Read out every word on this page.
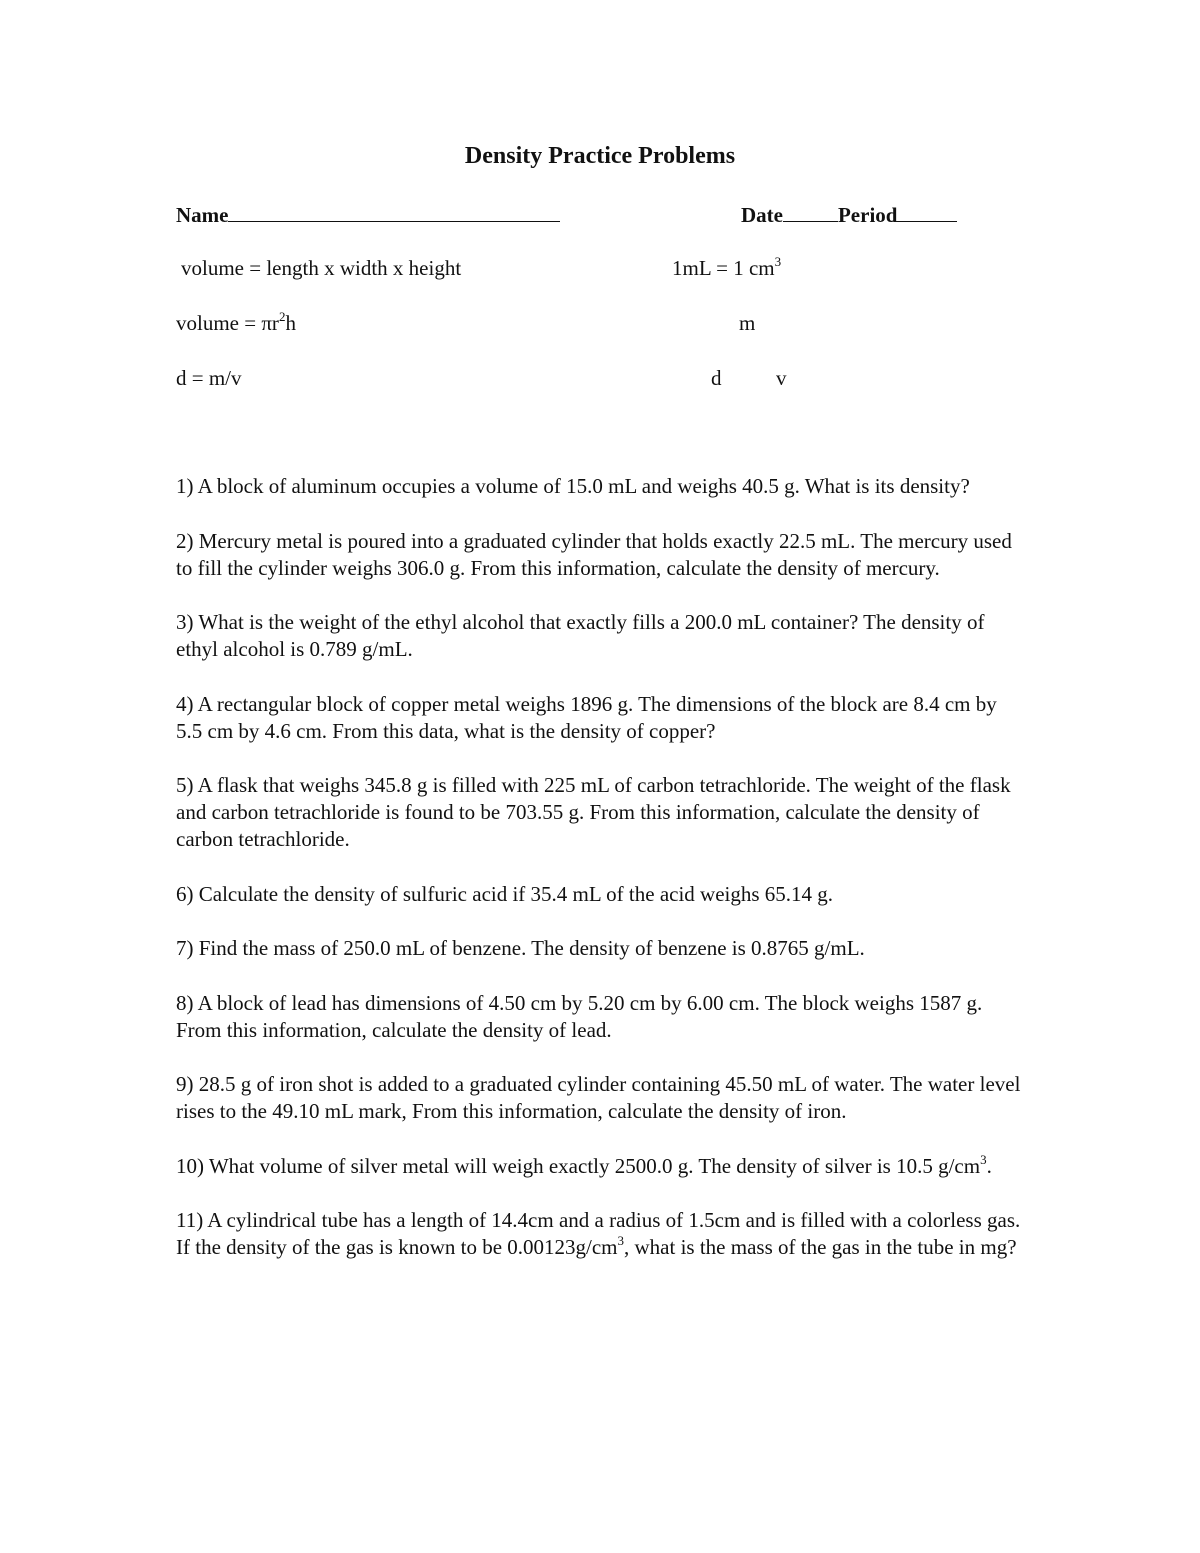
Density Practice Problems
Name	Date	Period
volume = length x width x height	1mL = 1 $cm^3$
volume = $\pi r^2h$	m
d = m/v	d	v
1) A block of aluminum occupies a volume of 15.0 mL and weighs 40.5 g. What is its density?
2) Mercury metal is poured into a graduated cylinder that holds exactly 22.5 mL. The mercury used to fill the cylinder weighs 306.0 g. From this information, calculate the density of mercury.
3) What is the weight of the ethyl alcohol that exactly fills a 200.0 mL container? The density of ethyl alcohol is 0.789 g/mL.
4) A rectangular block of copper metal weighs 1896 g. The dimensions of the block are 8.4 cm by 5.5 cm by 4.6 cm. From this data, what is the density of copper?
5) A flask that weighs 345.8 g is filled with 225 mL of carbon tetrachloride. The weight of the flask and carbon tetrachloride is found to be 703.55 g. From this information, calculate the density of carbon tetrachloride.
6) Calculate the density of sulfuric acid if 35.4 mL of the acid weighs 65.14 g.
7) Find the mass of 250.0 mL of benzene. The density of benzene is 0.8765 g/mL.
8) A block of lead has dimensions of 4.50 cm by 5.20 cm by 6.00 cm. The block weighs 1587 g. From this information, calculate the density of lead.
9) 28.5 g of iron shot is added to a graduated cylinder containing 45.50 mL of water. The water level rises to the 49.10 mL mark, From this information, calculate the density of iron.
10) What volume of silver metal will weigh exactly 2500.0 g. The density of silver is 10.5 $g/cm^3$.
11) A cylindrical tube has a length of 14.4cm and a radius of 1.5cm and is filled with a colorless gas. If the density of the gas is known to be $0.00123g/cm^3$, what is the mass of the gas in the tube in mg?
